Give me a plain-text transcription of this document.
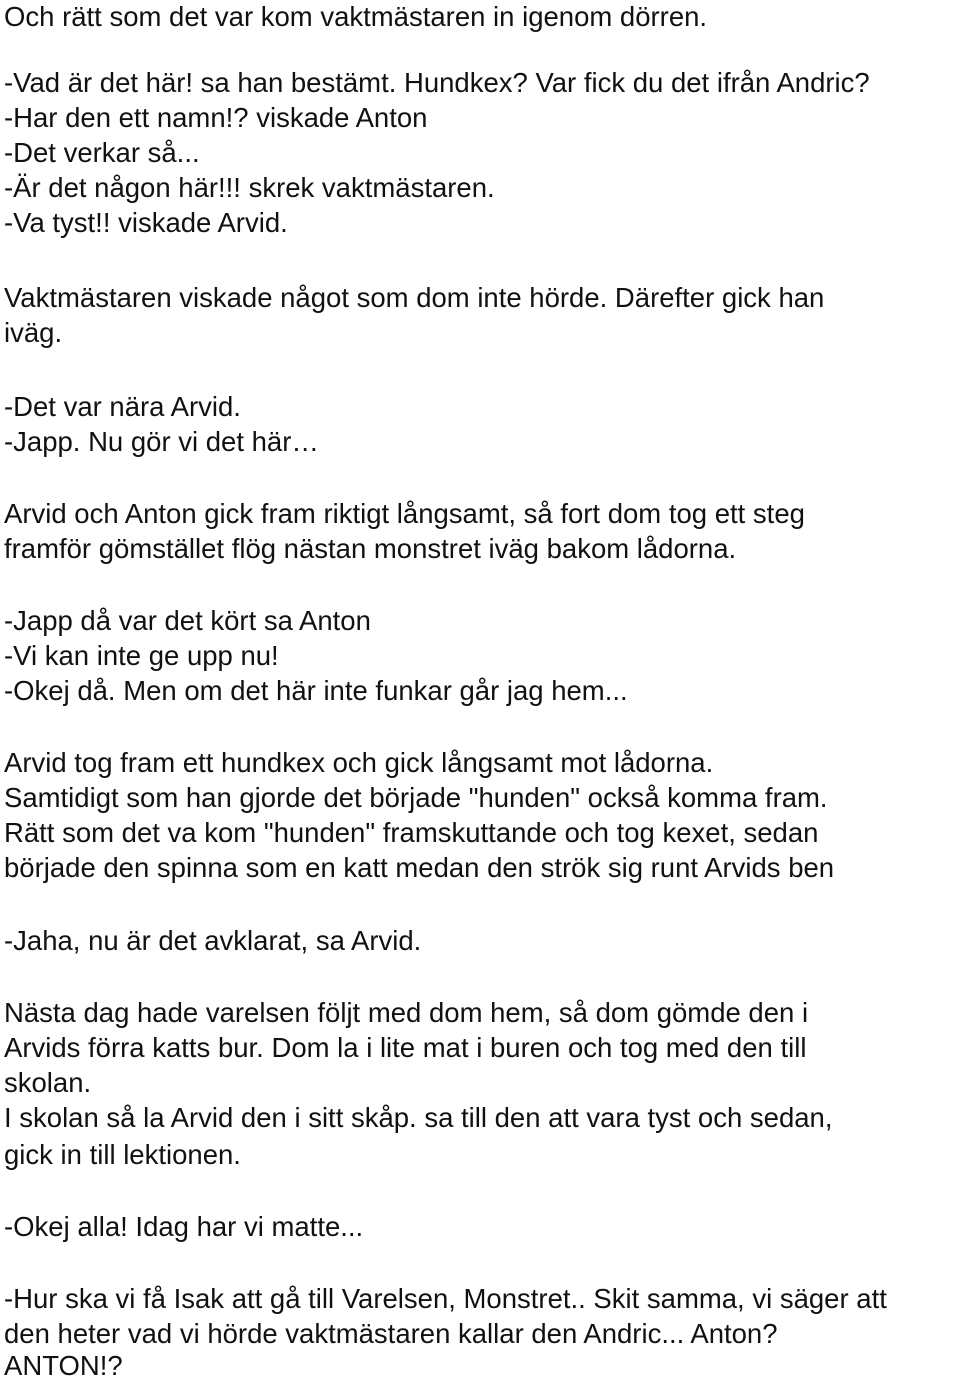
Och rätt som det var kom vaktmästaren in igenom dörren.
-Vad är det här! sa han bestämt. Hundkex? Var fick du det ifrån Andric?
-Har den ett namn!? viskade Anton
-Det verkar så...
-Är det någon här!!! skrek vaktmästaren.
-Va tyst!! viskade Arvid.
Vaktmästaren viskade något som dom inte hörde. Därefter gick han
iväg.
-Det var nära Arvid.
-Japp. Nu gör vi det här…
Arvid och Anton gick fram riktigt långsamt, så fort dom tog ett steg
framför gömstället flög nästan monstret iväg bakom lådorna.
-Japp då var det kört sa Anton
-Vi kan inte ge upp nu!
-Okej då. Men om det här inte funkar går jag hem...
Arvid tog fram ett hundkex och gick långsamt mot lådorna.
Samtidigt som han gjorde det började "hunden" också komma fram.
Rätt som det va kom "hunden" framskuttande och tog kexet, sedan
började den spinna som en katt medan den strök sig runt Arvids ben
-Jaha, nu är det avklarat, sa Arvid.
Nästa dag hade varelsen följt med dom hem, så dom gömde den i
Arvids förra katts bur. Dom la i lite mat i buren och tog med den till
skolan.
I skolan så la Arvid den i sitt skåp. sa till den att vara tyst och sedan,
gick in till lektionen.
-Okej alla! Idag har vi matte...
-Hur ska vi få Isak att gå till Varelsen, Monstret.. Skit samma, vi säger att
den heter vad vi hörde vaktmästaren kallar den Andric... Anton?
ANTON!?
